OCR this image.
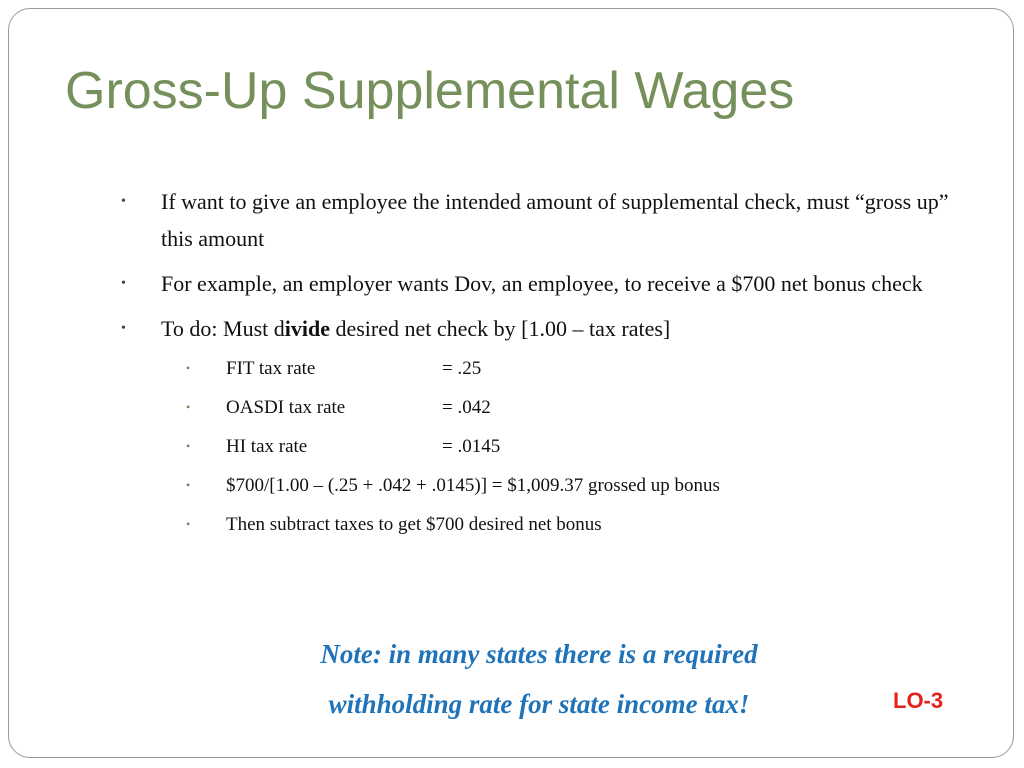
Gross-Up Supplemental Wages
• If want to give an employee the intended amount of supplemental check, must “gross up” this amount
• For example, an employer wants Dov, an employee, to receive a $700 net bonus check
• To do: Must divide desired net check by [1.00 – tax rates]
• FIT tax rate	= .25
• OASDI tax rate	= .042
• HI tax rate	= .0145
• $700/[1.00 – (.25 + .042 + .0145)] = $1,009.37 grossed up bonus
• Then subtract taxes to get $700 desired net bonus
Note: in many states there is a required
withholding rate for state income tax!	LO-3
